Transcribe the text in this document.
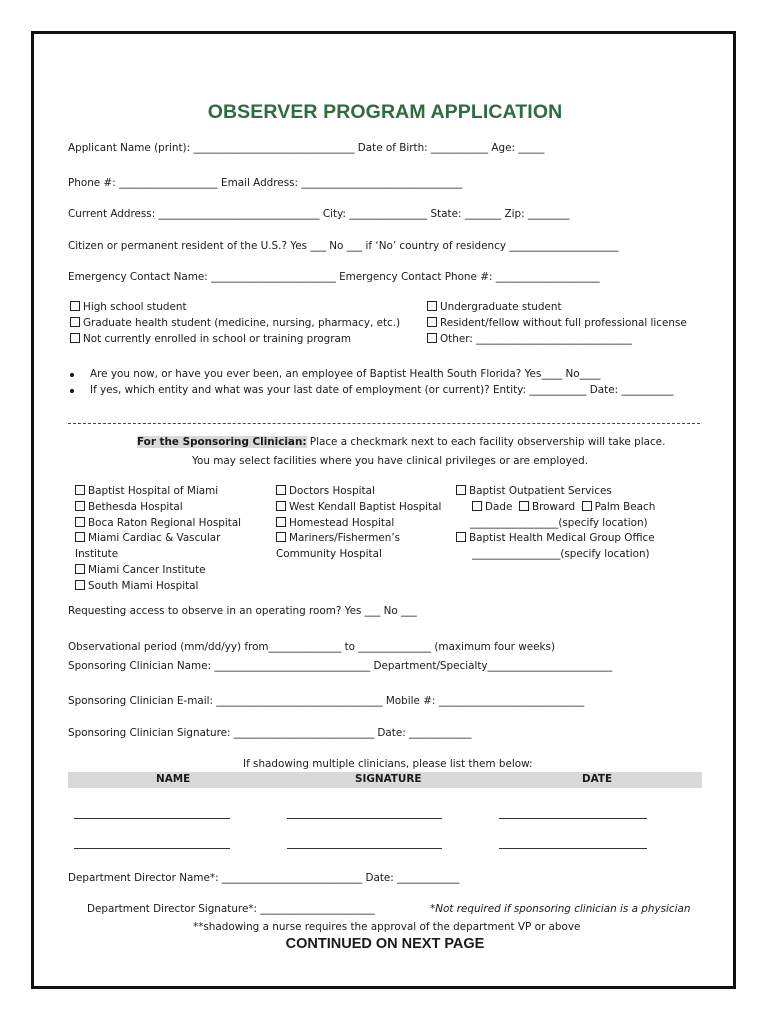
OBSERVER PROGRAM APPLICATION
Applicant Name (print): _______________________________ Date of Birth: ___________ Age: _____
Phone #: ___________________ Email Address: _______________________________
Current Address: _______________________________ City: _______________ State: _______ Zip: ________
Citizen or permanent resident of the U.S.? Yes ___ No ___ if ‘No’ country of residency _____________________
Emergency Contact Name: ________________________ Emergency Contact Phone #: ____________________
High school student
Graduate health student (medicine, nursing, pharmacy, etc.)
Not currently enrolled in school or training program
Undergraduate student
Resident/fellow without full professional license
Other: ______________________________
Are you now, or have you ever been, an employee of Baptist Health South Florida? Yes____ No____
If yes, which entity and what was your last date of employment (or current)? Entity: ___________ Date: __________
For the Sponsoring Clinician: Place a checkmark next to each facility observership will take place.
You may select facilities where you have clinical privileges or are employed.
Baptist Hospital of Miami
Bethesda Hospital
Boca Raton Regional Hospital
Miami Cardiac & Vascular
Institute
Miami Cancer Institute
South Miami Hospital
Doctors Hospital
West Kendall Baptist Hospital
Homestead Hospital
Mariners/Fishermen’s
Community Hospital
Baptist Outpatient Services
Dade Broward Palm Beach
_________________(specify location)
Baptist Health Medical Group Office
_________________(specify location)
Requesting access to observe in an operating room? Yes ___ No ___
Observational period (mm/dd/yy) from______________ to ______________ (maximum four weeks)
Sponsoring Clinician Name: ______________________________ Department/Specialty________________________
Sponsoring Clinician E-mail: ________________________________ Mobile #: ____________________________
Sponsoring Clinician Signature: ___________________________ Date: ____________
If shadowing multiple clinicians, please list them below:
NAME	SIGNATURE	DATE
Department Director Name*: ___________________________ Date: ____________
Department Director Signature*: ______________________	*Not required if sponsoring clinician is a physician
**shadowing a nurse requires the approval of the department VP or above
CONTINUED ON NEXT PAGE
